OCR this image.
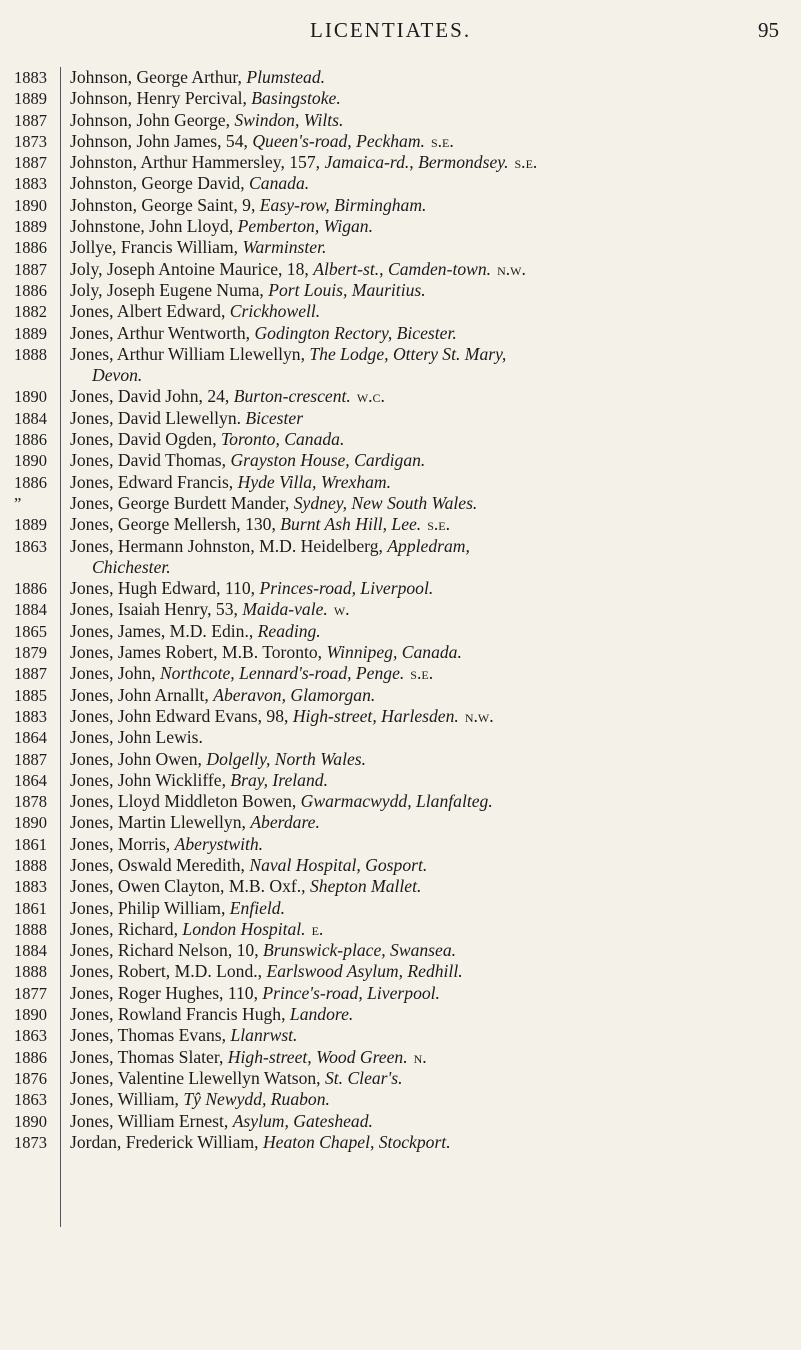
LICENTIATES.	95
1883	Johnson, George Arthur, Plumstead.
1889	Johnson, Henry Percival, Basingstoke.
1887	Johnson, John George, Swindon, Wilts.
1873	Johnson, John James, 54, Queen's-road, Peckham. s.e.
1887	Johnston, Arthur Hammersley, 157, Jamaica-rd., Bermondsey. s.e.
1883	Johnston, George David, Canada.
1890	Johnston, George Saint, 9, Easy-row, Birmingham.
1889	Johnstone, John Lloyd, Pemberton, Wigan.
1886	Jollye, Francis William, Warminster.
1887	Joly, Joseph Antoine Maurice, 18, Albert-st., Camden-town. n.w.
1886	Joly, Joseph Eugene Numa, Port Louis, Mauritius.
1882	Jones, Albert Edward, Crickhowell.
1889	Jones, Arthur Wentworth, Godington Rectory, Bicester.
1888	Jones, Arthur William Llewellyn, The Lodge, Ottery St. Mary,
Devon.
1890	Jones, David John, 24, Burton-crescent. w.c.
1884	Jones, David Llewellyn. Bicester
1886	Jones, David Ogden, Toronto, Canada.
1890	Jones, David Thomas, Grayston House, Cardigan.
1886	Jones, Edward Francis, Hyde Villa, Wrexham.
”	Jones, George Burdett Mander, Sydney, New South Wales.
1889	Jones, George Mellersh, 130, Burnt Ash Hill, Lee. s.e.
1863	Jones, Hermann Johnston, M.D. Heidelberg, Appledram,
Chichester.
1886	Jones, Hugh Edward, 110, Princes-road, Liverpool.
1884	Jones, Isaiah Henry, 53, Maida-vale. w.
1865	Jones, James, M.D. Edin., Reading.
1879	Jones, James Robert, M.B. Toronto, Winnipeg, Canada.
1887	Jones, John, Northcote, Lennard's-road, Penge. s.e.
1885	Jones, John Arnallt, Aberavon, Glamorgan.
1883	Jones, John Edward Evans, 98, High-street, Harlesden. n.w.
1864	Jones, John Lewis.
1887	Jones, John Owen, Dolgelly, North Wales.
1864	Jones, John Wickliffe, Bray, Ireland.
1878	Jones, Lloyd Middleton Bowen, Gwarmacwydd, Llanfalteg.
1890	Jones, Martin Llewellyn, Aberdare.
1861	Jones, Morris, Aberystwith.
1888	Jones, Oswald Meredith, Naval Hospital, Gosport.
1883	Jones, Owen Clayton, M.B. Oxf., Shepton Mallet.
1861	Jones, Philip William, Enfield.
1888	Jones, Richard, London Hospital. e.
1884	Jones, Richard Nelson, 10, Brunswick-place, Swansea.
1888	Jones, Robert, M.D. Lond., Earlswood Asylum, Redhill.
1877	Jones, Roger Hughes, 110, Prince's-road, Liverpool.
1890	Jones, Rowland Francis Hugh, Landore.
1863	Jones, Thomas Evans, Llanrwst.
1886	Jones, Thomas Slater, High-street, Wood Green. n.
1876	Jones, Valentine Llewellyn Watson, St. Clear's.
1863	Jones, William, Tŷ Newydd, Ruabon.
1890	Jones, William Ernest, Asylum, Gateshead.
1873	Jordan, Frederick William, Heaton Chapel, Stockport.
